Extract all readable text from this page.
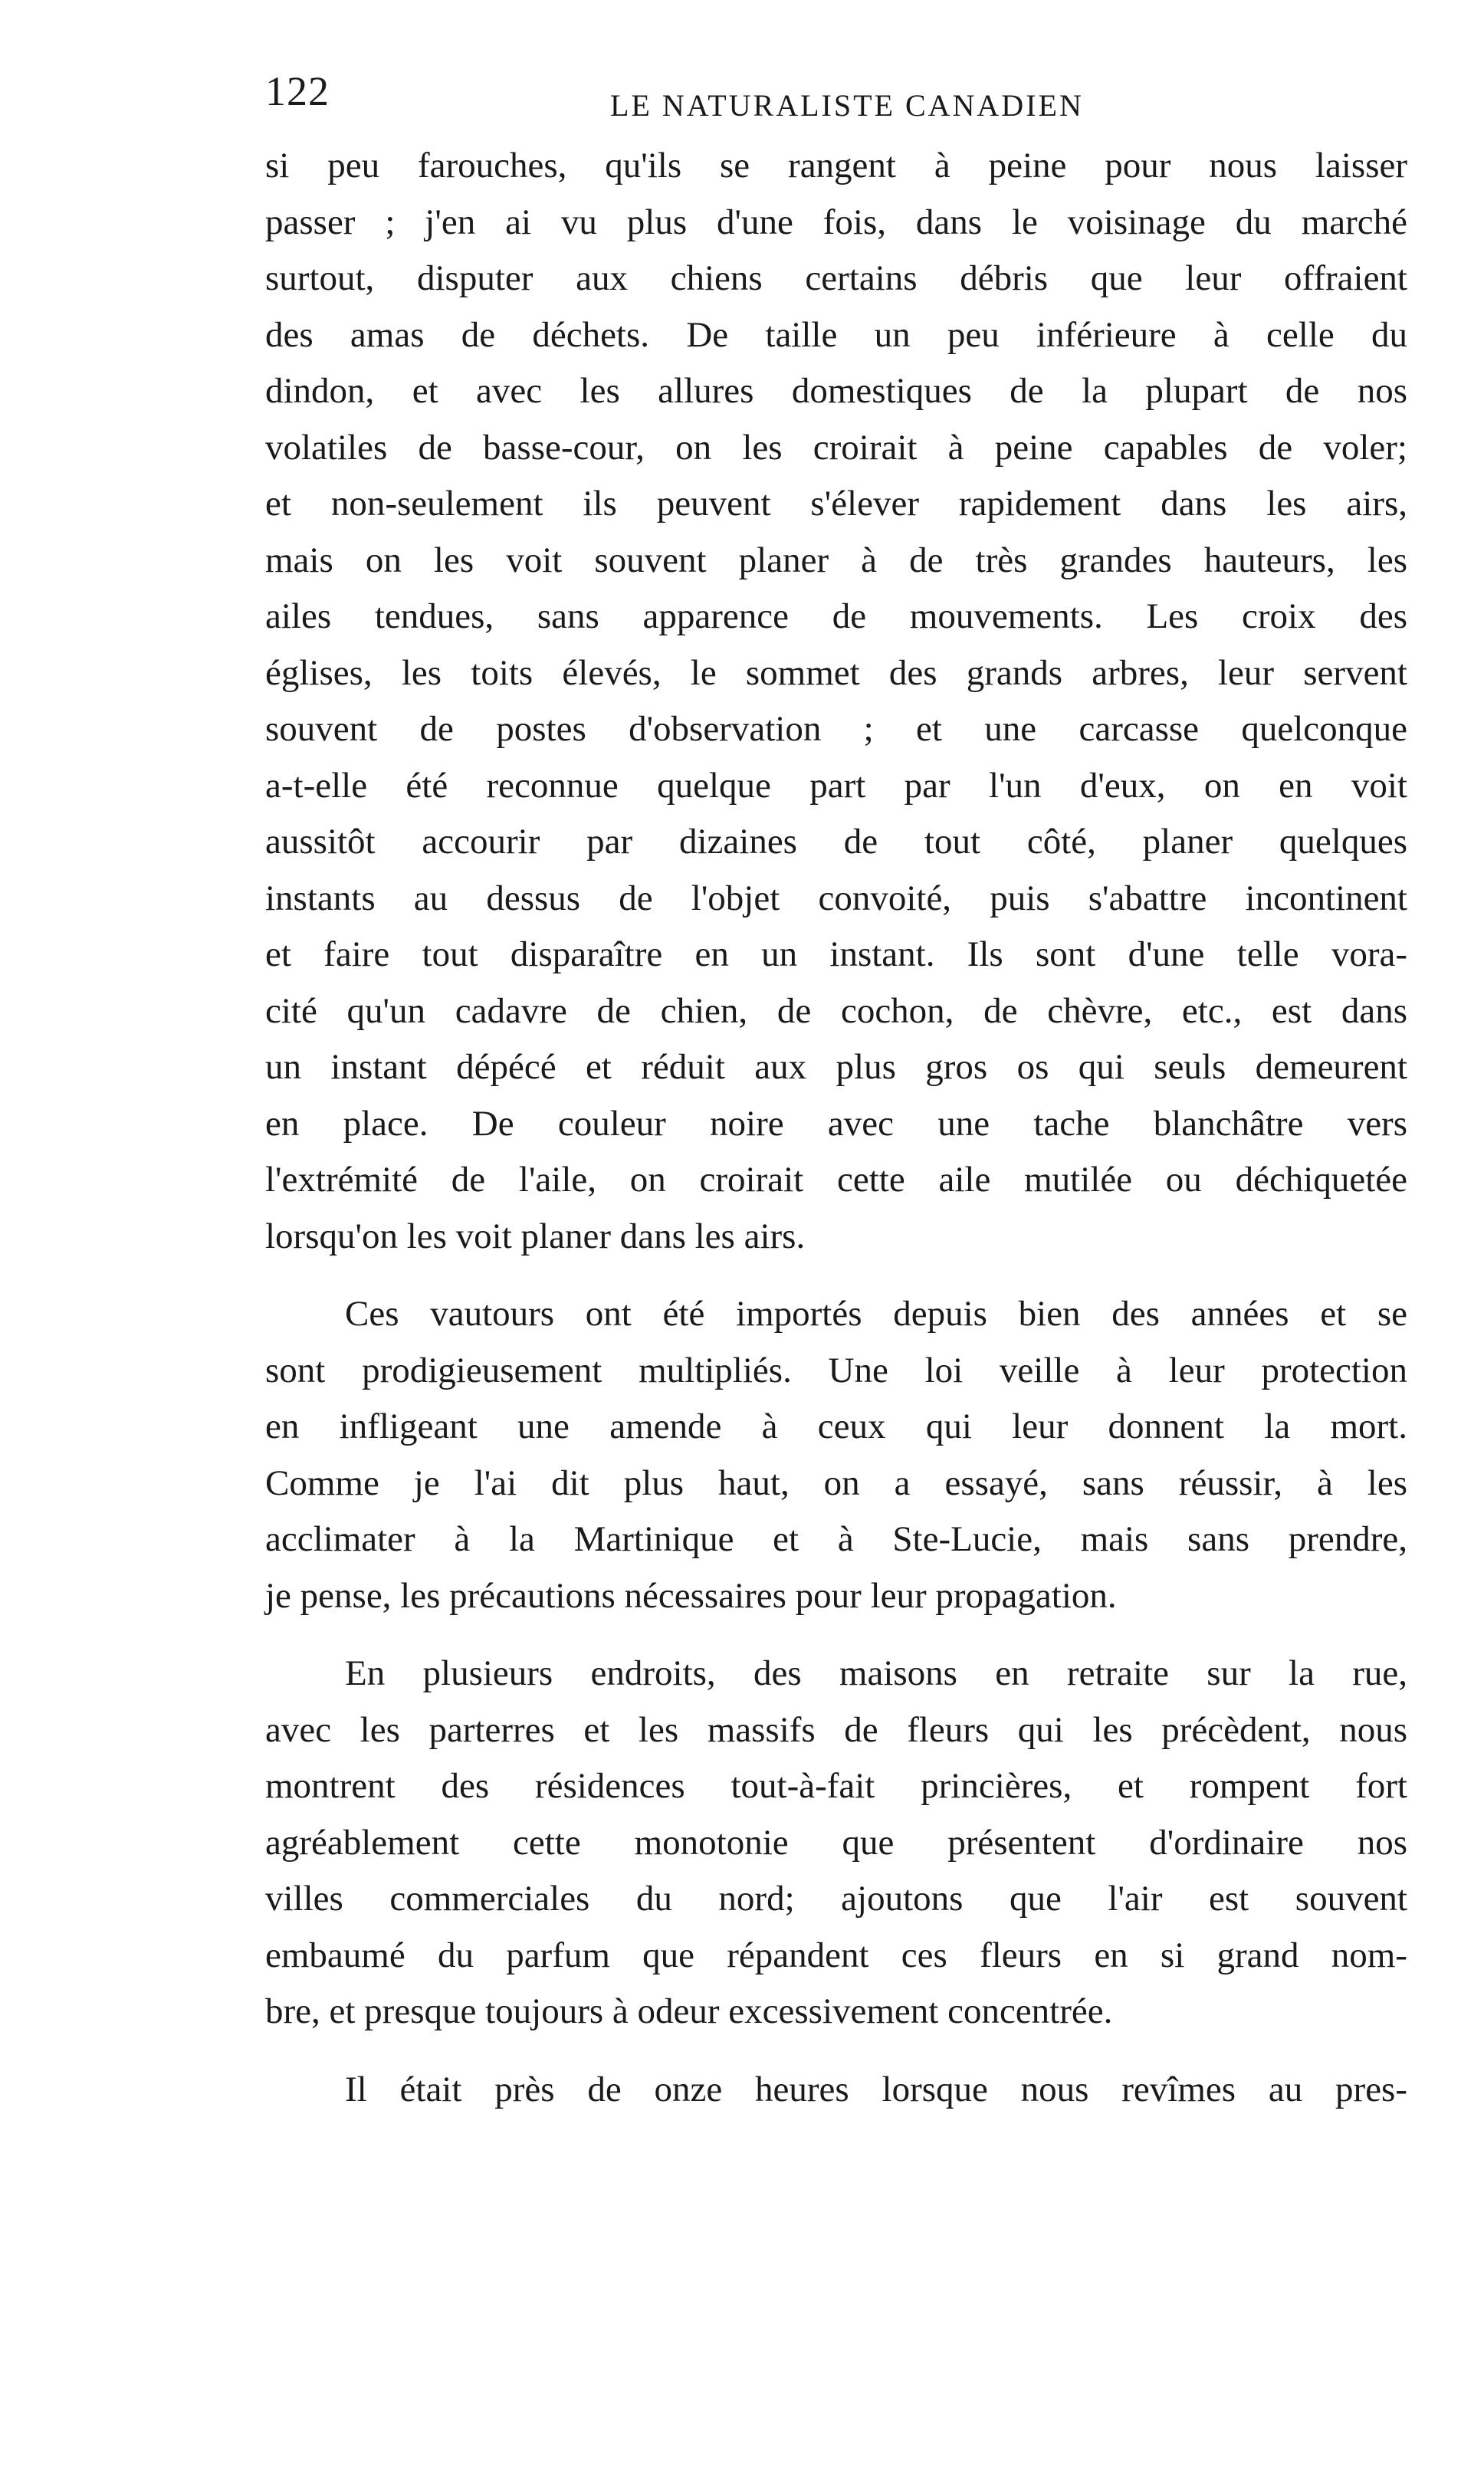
122	LE NATURALISTE CANADIEN

si peu farouches, qu'ils se rangent à peine pour nous laisser
passer ; j'en ai vu plus d'une fois, dans le voisinage du marché
surtout, disputer aux chiens certains débris que leur offraient
des amas de déchets. De taille un peu inférieure à celle du
dindon, et avec les allures domestiques de la plupart de nos
volatiles de basse-cour, on les croirait à peine capables de voler;
et non-seulement ils peuvent s'élever rapidement dans les airs,
mais on les voit souvent planer à de très grandes hauteurs, les
ailes tendues, sans apparence de mouvements. Les croix des
églises, les toits élevés, le sommet des grands arbres, leur servent
souvent de postes d'observation ; et une carcasse quelconque
a-t-elle été reconnue quelque part par l'un d'eux, on en voit
aussitôt accourir par dizaines de tout côté, planer quelques
instants au dessus de l'objet convoité, puis s'abattre incontinent
et faire tout disparaître en un instant. Ils sont d'une telle vora-
cité qu'un cadavre de chien, de cochon, de chèvre, etc., est dans
un instant dépécé et réduit aux plus gros os qui seuls demeurent
en place. De couleur noire avec une tache blanchâtre vers
l'extrémité de l'aile, on croirait cette aile mutilée ou déchiquetée
lorsqu'on les voit planer dans les airs.

Ces vautours ont été importés depuis bien des années et se
sont prodigieusement multipliés. Une loi veille à leur protection
en infligeant une amende à ceux qui leur donnent la mort.
Comme je l'ai dit plus haut, on a essayé, sans réussir, à les
acclimater à la Martinique et à Ste-Lucie, mais sans prendre,
je pense, les précautions nécessaires pour leur propagation.

En plusieurs endroits, des maisons en retraite sur la rue,
avec les parterres et les massifs de fleurs qui les précèdent, nous
montrent des résidences tout-à-fait princières, et rompent fort
agréablement cette monotonie que présentent d'ordinaire nos
villes commerciales du nord; ajoutons que l'air est souvent
embaumé du parfum que répandent ces fleurs en si grand nom-
bre, et presque toujours à odeur excessivement concentrée.

Il était près de onze heures lorsque nous revîmes au pres-
